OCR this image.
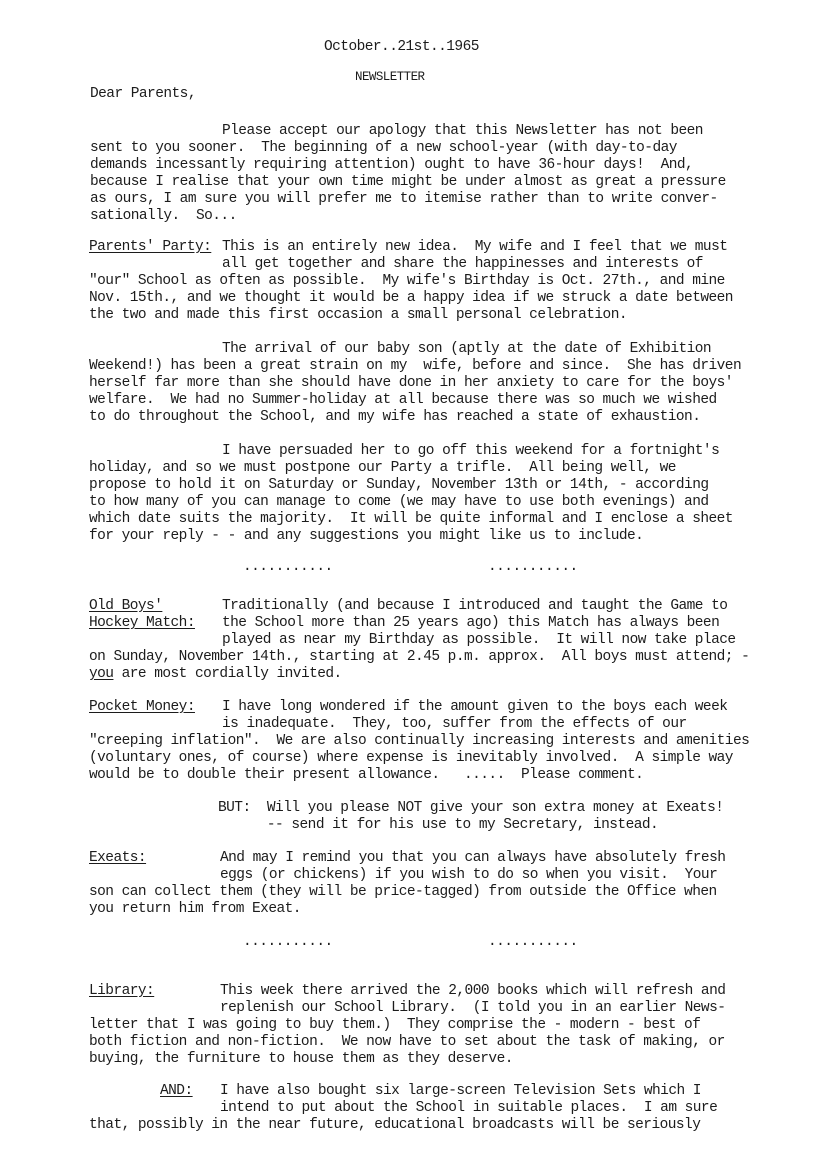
October..21st..1965
NEWSLETTER
Dear Parents,
Please accept our apology that this Newsletter has not been
sent to you sooner.  The beginning of a new school-year (with day-to-day
demands incessantly requiring attention) ought to have 36-hour days!  And,
because I realise that your own time might be under almost as great a pressure
as ours, I am sure you will prefer me to itemise rather than to write conver-
sationally.  So...
Parents' Party: This is an entirely new idea.  My wife and I feel that we must
all get together and share the happinesses and interests of
"our" School as often as possible.  My wife's Birthday is Oct. 27th., and mine
Nov. 15th., and we thought it would be a happy idea if we struck a date between
the two and made this first occasion a small personal celebration.
The arrival of our baby son (aptly at the date of Exhibition
Weekend!) has been a great strain on my  wife, before and since.  She has driven
herself far more than she should have done in her anxiety to care for the boys'
welfare.  We had no Summer-holiday at all because there was so much we wished
to do throughout the School, and my wife has reached a state of exhaustion.
I have persuaded her to go off this weekend for a fortnight's
holiday, and so we must postpone our Party a trifle.  All being well, we
propose to hold it on Saturday or Sunday, November 13th or 14th, - according
to how many of you can manage to come (we may have to use both evenings) and
which date suits the majority.  It will be quite informal and I enclose a sheet
for your reply - - and any suggestions you might like us to include.
...........	...........
Old Boys'
Hockey Match:
Traditionally (and because I introduced and taught the Game to
the School more than 25 years ago) this Match has always been
played as near my Birthday as possible.  It will now take place
on Sunday, November 14th., starting at 2.45 p.m. approx.  All boys must attend; -
you are most cordially invited.
Pocket Money: I have long wondered if the amount given to the boys each week
is inadequate.  They, too, suffer from the effects of our
"creeping inflation".  We are also continually increasing interests and amenities
(voluntary ones, of course) where expense is inevitably involved.  A simple way
would be to double their present allowance.   .....  Please comment.
BUT:  Will you please NOT give your son extra money at Exeats!
-- send it for his use to my Secretary, instead.
Exeats:	And may I remind you that you can always have absolutely fresh
eggs (or chickens) if you wish to do so when you visit.  Your
son can collect them (they will be price-tagged) from outside the Office when
you return him from Exeat.
...........	...........
Library:	This week there arrived the 2,000 books which will refresh and
replenish our School Library.  (I told you in an earlier News-
letter that I was going to buy them.)  They comprise the - modern - best of
both fiction and non-fiction.  We now have to set about the task of making, or
buying, the furniture to house them as they deserve.
AND: I have also bought six large-screen Television Sets which I
intend to put about the School in suitable places.  I am sure
that, possibly in the near future, educational broadcasts will be seriously
